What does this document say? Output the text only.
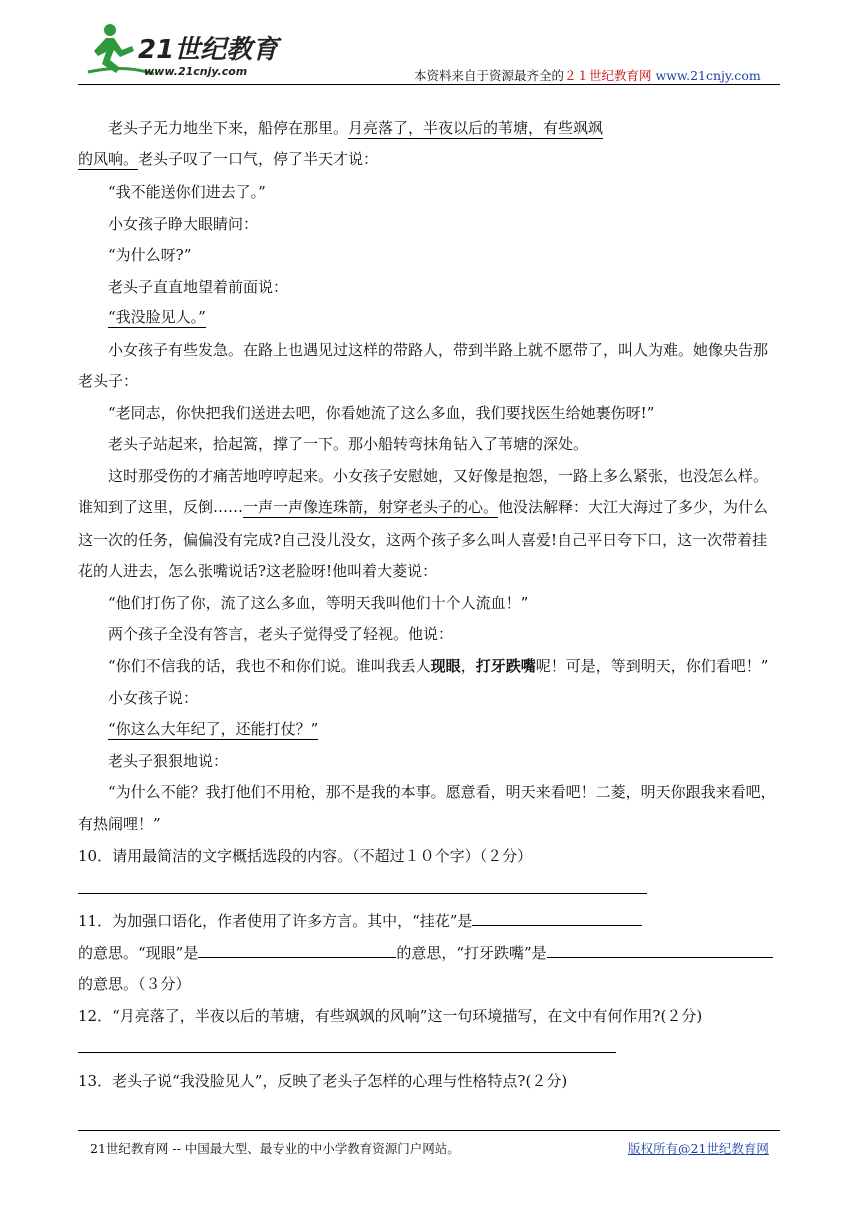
21世纪教育
www.21cnjy.com	本资料来自于资源最齐全的２１世纪教育网 www.21cnjy.com
老头子无力地坐下来，船停在那里。月亮落了，半夜以后的苇塘，有些飒飒
的风响。老头子叹了一口气，停了半天才说：
“我不能送你们进去了。”
小女孩子睁大眼睛问：
“为什么呀?”
老头子直直地望着前面说：
“我没脸见人。”
小女孩子有些发急。在路上也遇见过这样的带路人，带到半路上就不愿带了，叫人为难。她像央告那
老头子：
“老同志，你快把我们送进去吧，你看她流了这么多血，我们要找医生给她裹伤呀!”
老头子站起来，拾起篙，撑了一下。那小船转弯抹角钻入了苇塘的深处。
这时那受伤的才痛苦地哼哼起来。小女孩子安慰她，又好像是抱怨，一路上多么紧张，也没怎么样。
谁知到了这里，反倒……一声一声像连珠箭，射穿老头子的心。他没法解释：大江大海过了多少，为什么
这一次的任务，偏偏没有完成?自己没儿没女，这两个孩子多么叫人喜爱!自己平日夸下口，这一次带着挂
花的人进去，怎么张嘴说话?这老脸呀!他叫着大菱说：
“他们打伤了你，流了这么多血，等明天我叫他们十个人流血！”
两个孩子全没有答言，老头子觉得受了轻视。他说：
“你们不信我的话，我也不和你们说。谁叫我丢人现眼，打牙跌嘴呢！可是，等到明天，你们看吧！”
小女孩子说：
“你这么大年纪了，还能打仗？”
老头子狠狠地说：
“为什么不能？我打他们不用枪，那不是我的本事。愿意看，明天来看吧！二菱，明天你跟我来看吧，
有热闹哩！”
10．请用最简洁的文字概括选段的内容。（不超过１０个字）（２分）
11．为加强口语化，作者使用了许多方言。其中，“挂花”是
的意思。“现眼”是	的意思，“打牙跌嘴”是
的意思。（３分）
12．“月亮落了，半夜以后的苇塘，有些飒飒的风响”这一句环境描写，在文中有何作用?(２分)
13．老头子说“我没脸见人”，反映了老头子怎样的心理与性格特点?(２分)
21世纪教育网 -- 中国最大型、最专业的中小学教育资源门户网站。	版权所有@21世纪教育网
